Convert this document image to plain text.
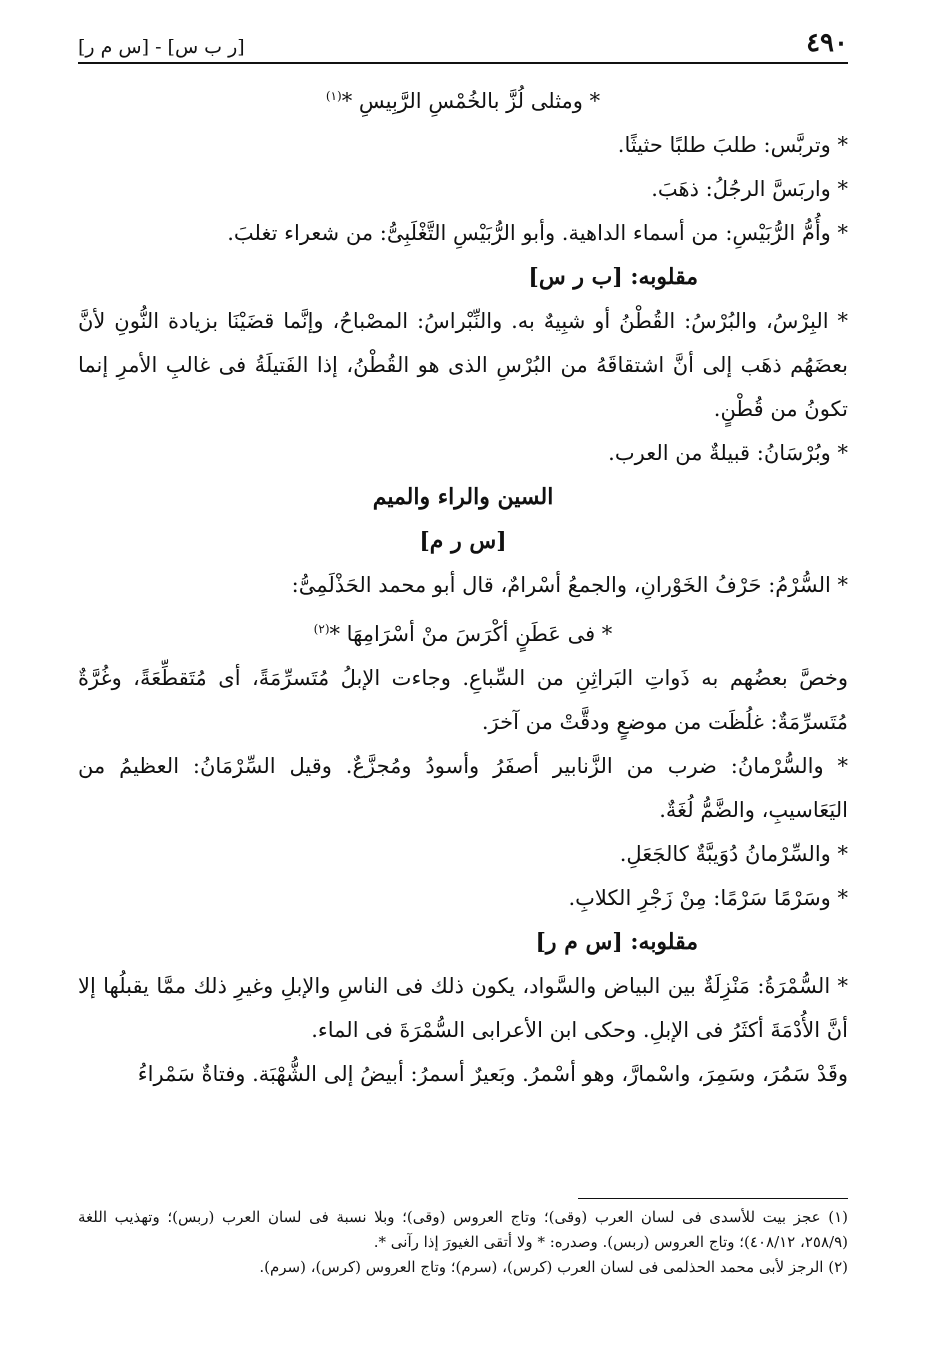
٤٩٠
[ر ب س] - [س م ر]
* ومثلى لُزَّ بالخُمْسِ الرَّبِيسِ *$^{(١)}$
* وتربَّس: طلبَ طلبًا حثيثًا.
* واربَسَّ الرجُلُ: ذهَبَ.
* وأُمُّ الرُّبَيْسِ: من أسماء الداهية. وأبو الرُّبَيْسِ التَّغْلَبِىُّ: من شعراء تغلبَ.
مقلوبه: [ب ر س]
* البِرْسُ، والبُرْسُ: القُطْنُ أو شبِيهٌ به. والنِّبْراسُ: المصْباحُ، وإنَّما قضَيْنَا بزيادة النُّونِ لأنَّ بعضَهُم ذهَب إلى أنَّ اشتقاقَهُ من البُرْسِ الذى هو القُطْنُ، إذا الفَتيلَةُ فى غالبِ الأمرِ إنما تكونُ من قُطْنٍ.
* وبُرْسَانُ: قبيلةٌ من العرب.
السين والراء والميم
[س ر م]
* السُّرْمُ: حَرْفُ الخَوْرانِ، والجمعُ أسْرامٌ، قال أبو محمد الحَذْلَمِىُّ:
* فى عَطَنٍ أكْرَسَ منْ أسْرَامِهَا *$^{(٢)}$
وخصَّ بعضُهم به ذَواتِ البَراثِنِ من السِّباعِ. وجاءت الإبلُ مُتَسرِّمَةً، أى مُتَقطِّعَةً، وغُرَّةٌ مُتَسرِّمَةٌ: غلُظَت من موضعٍ ودقَّتْ من آخرَ.
* والسُّرْمانُ: ضرب من الزَّنابير أصفَرُ وأسودُ ومُجزَّعٌ. وقيل السِّرْمَانُ: العظيمُ من اليَعَاسيبِ، والضَّمُّ لُغَةٌ.
* والسِّرْمانُ دُوَيبَّةٌ كالجَعَلِ.
* وسَرْمًا سَرْمًا: مِنْ زَجْرِ الكلابِ.
مقلوبه: [س م ر]
* السُّمْرَةُ: مَنْزِلَةٌ بين البياض والسَّواد، يكون ذلك فى الناسِ والإبلِ وغيرِ ذلك ممَّا يقبلُها إلا أنَّ الأُدْمَةَ أكثَرُ فى الإبلِ. وحكى ابن الأعرابى السُّمْرَةَ فى الماء.
وقَدْ سَمُرَ، وسَمِرَ، واسْمارَّ، وهو أسْمرُ. وبَعيرٌ أسمرُ: أبيضُ إلى الشُّهْبَة. وفتاةٌ سَمْراءُ
(١) عجز بيت للأسدى فى لسان العرب (وقى)؛ وتاج العروس (وقى)؛ وبلا نسبة فى لسان العرب (ربس)؛ وتهذيب اللغة (٢٥٨/٩، ٤٠٨/١٢)؛ وتاج العروس (ربس). وصدره: * ولا أتقى الغيورَ إذا رآنى *.
(٢) الرجز لأبى محمد الحذلمى فى لسان العرب (كرس)، (سرم)؛ وتاج العروس (كرس)، (سرم).
